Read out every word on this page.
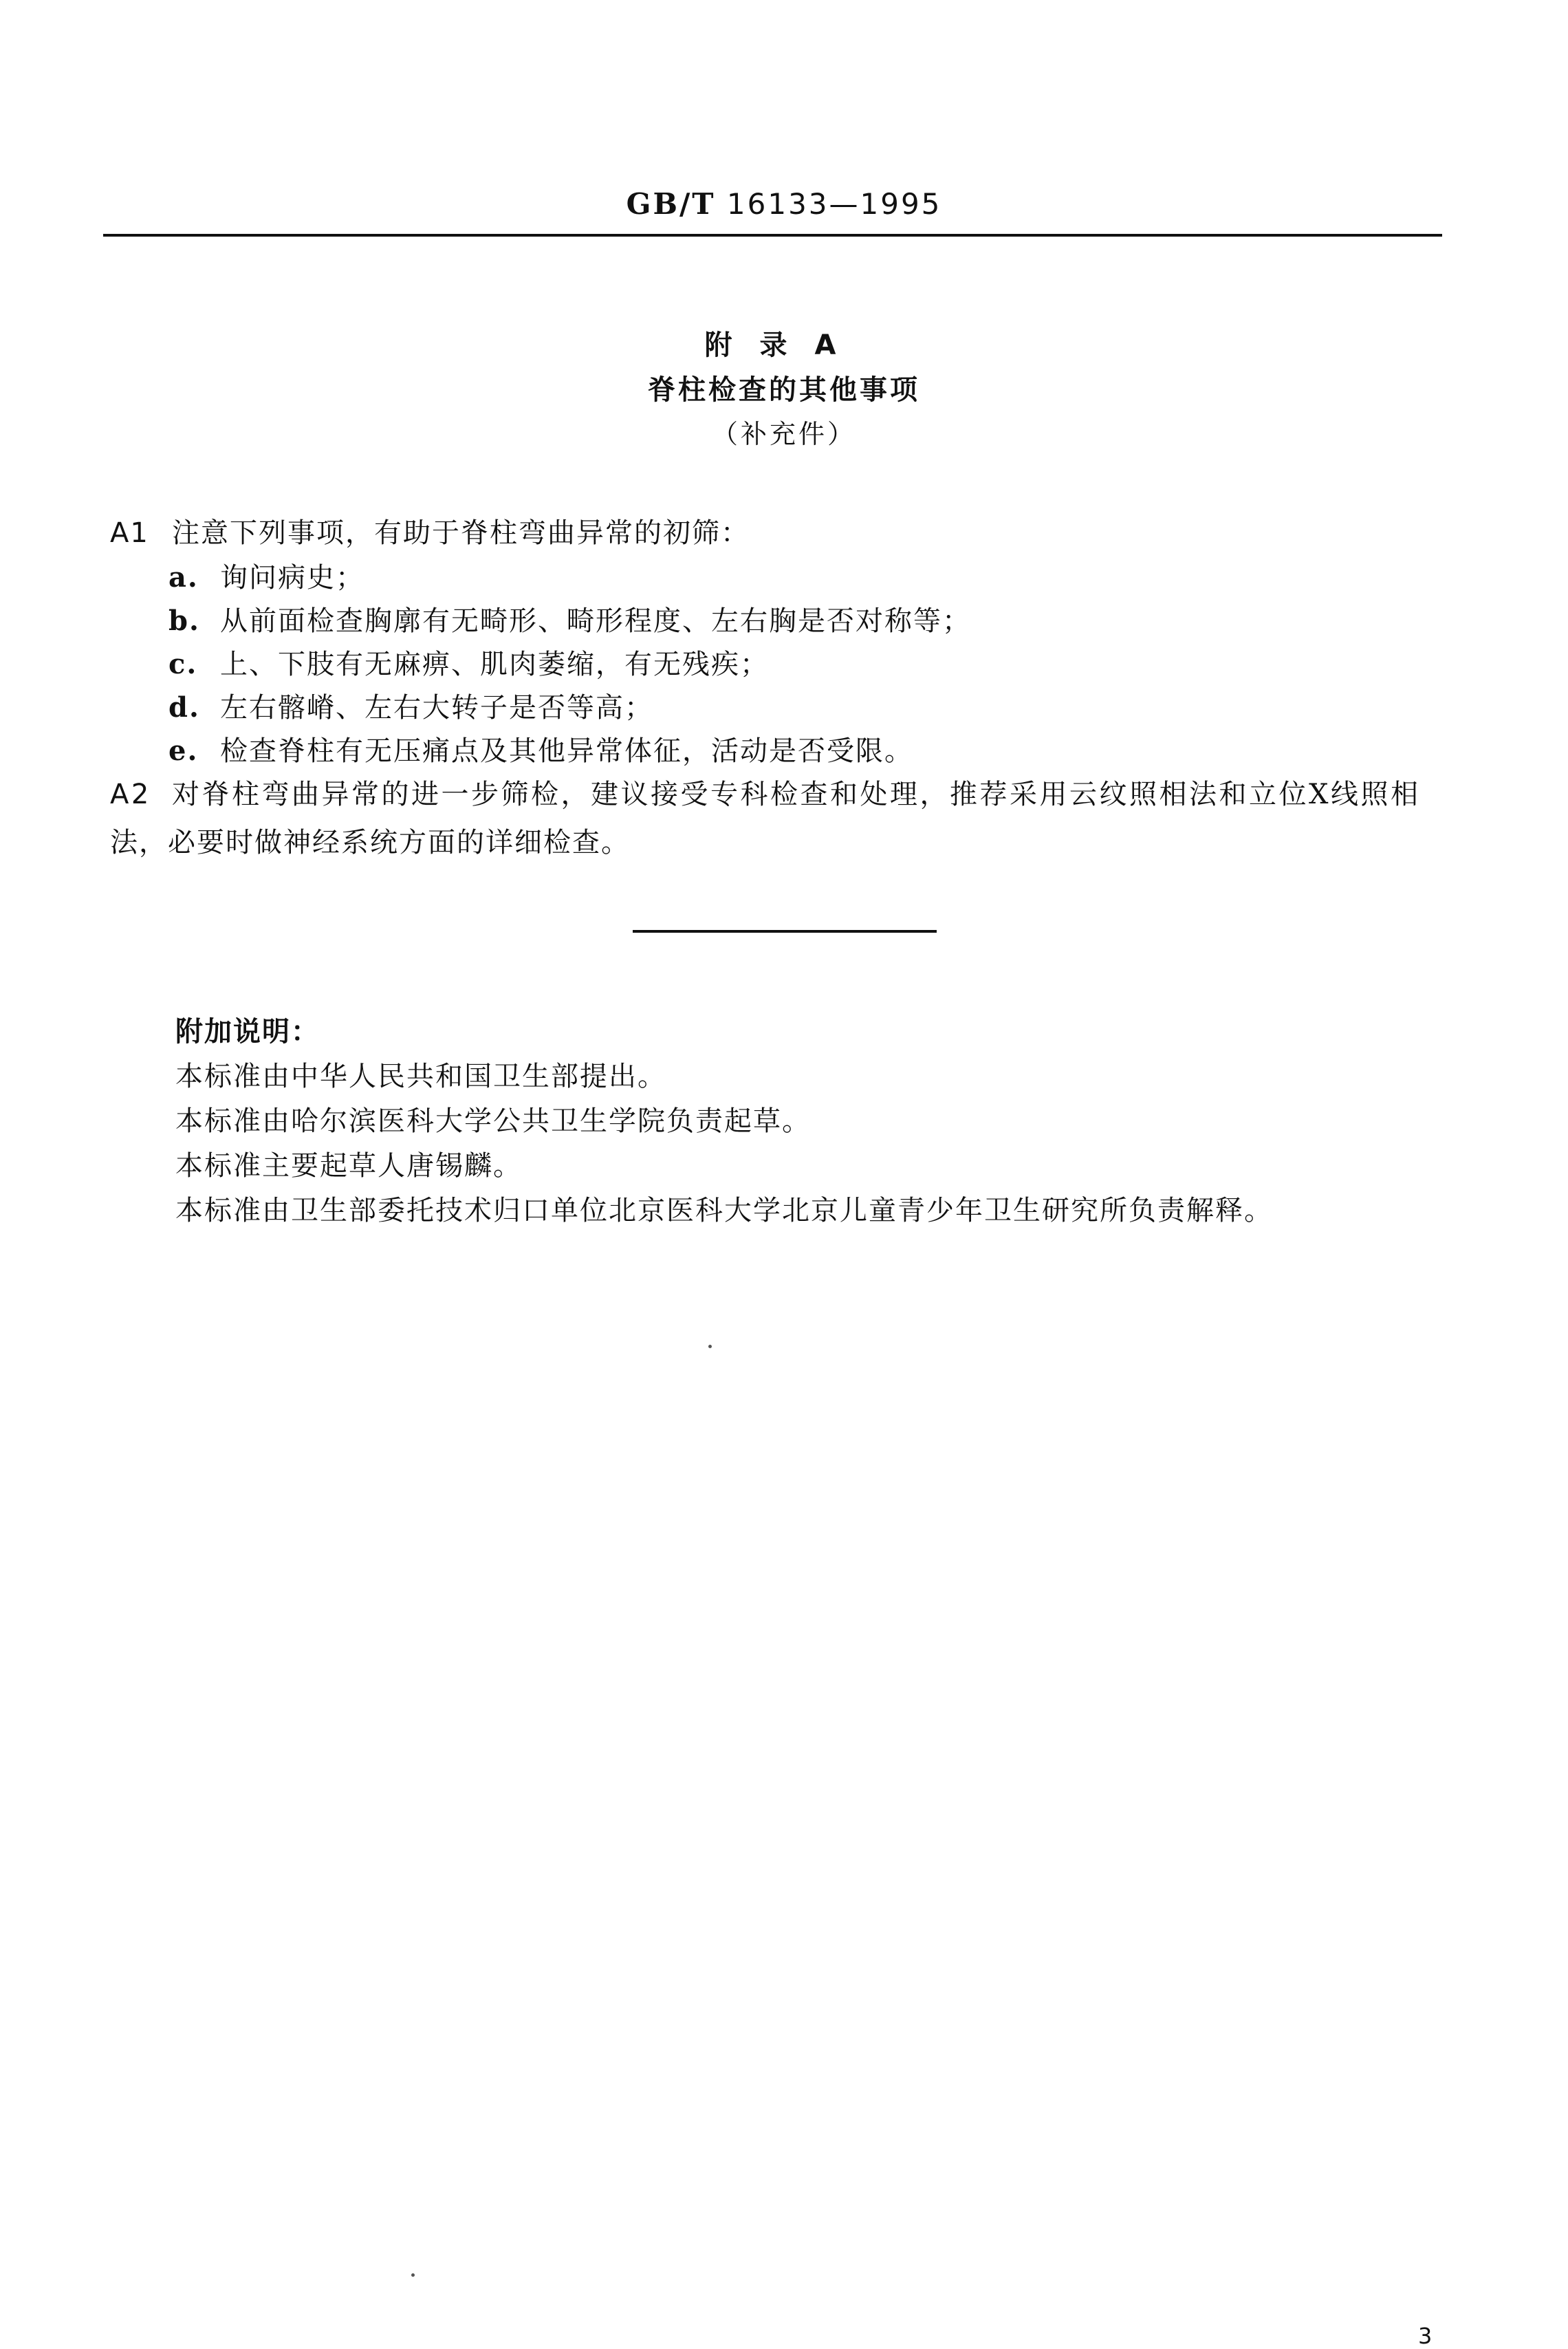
GB/T 16133—1995
附录A
脊柱检查的其他事项
（补充件）
A1 注意下列事项，有助于脊柱弯曲异常的初筛：
a. 询问病史；
b. 从前面检查胸廓有无畸形、畸形程度、左右胸是否对称等；
c. 上、下肢有无麻痹、肌肉萎缩，有无残疾；
d. 左右髂嵴、左右大转子是否等高；
e. 检查脊柱有无压痛点及其他异常体征，活动是否受限。
A2 对脊柱弯曲异常的进一步筛检，建议接受专科检查和处理，推荐采用云纹照相法和立位X线照相
法，必要时做神经系统方面的详细检查。
附加说明：
本标准由中华人民共和国卫生部提出。
本标准由哈尔滨医科大学公共卫生学院负责起草。
本标准主要起草人唐锡麟。
本标准由卫生部委托技术归口单位北京医科大学北京儿童青少年卫生研究所负责解释。
3
